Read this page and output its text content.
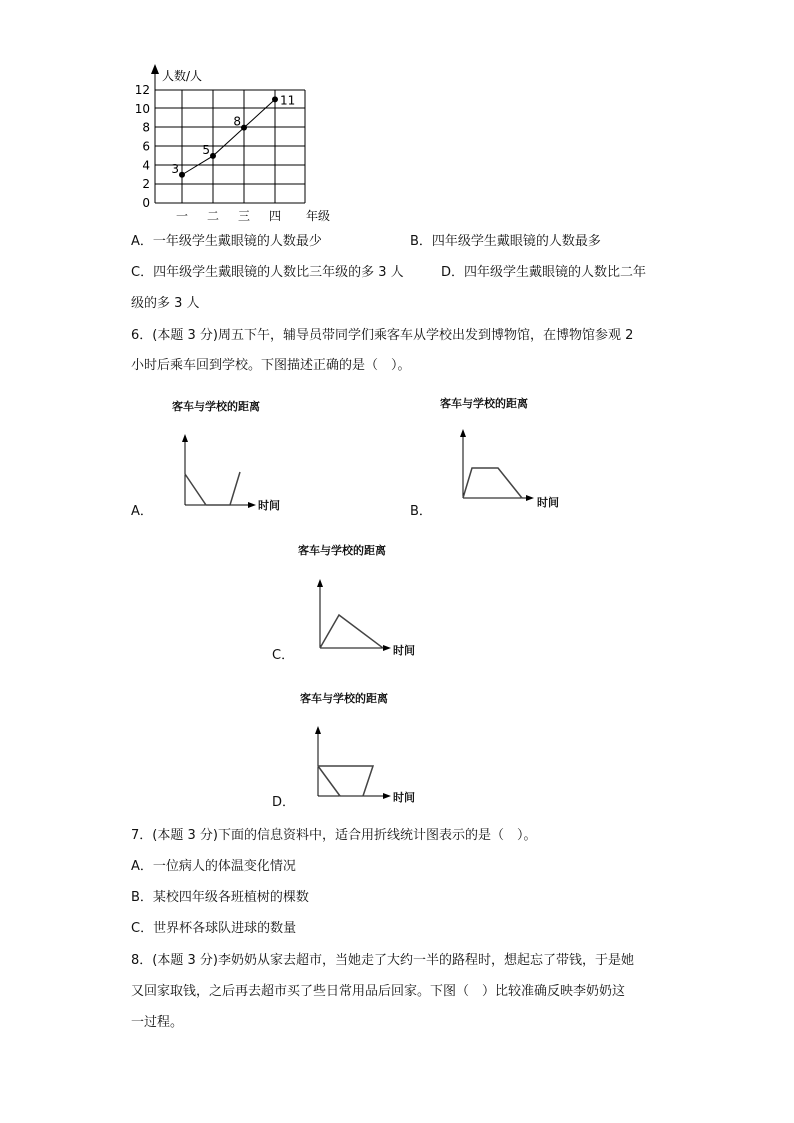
人数/人
年级
0
2
4
6
8
10
12
一 二 三 四
3
5
8
11
A．一年级学生戴眼镜的人数最少	B．四年级学生戴眼镜的人数最多
C．四年级学生戴眼镜的人数比三年级的多 3 人	D．四年级学生戴眼镜的人数比二年
级的多 3 人
6．(本题 3 分)周五下午，辅导员带同学们乘客车从学校出发到博物馆，在博物馆参观 2
小时后乘车回到学校。下图描述正确的是（　）。
客车与学校的距离
时间
A．
客车与学校的距离
时间
B．
客车与学校的距离
时间
C．
客车与学校的距离
时间
D．
7．(本题 3 分)下面的信息资料中，适合用折线统计图表示的是（　）。
A．一位病人的体温变化情况
B．某校四年级各班植树的棵数
C．世界杯各球队进球的数量
8．(本题 3 分)李奶奶从家去超市，当她走了大约一半的路程时，想起忘了带钱，于是她
又回家取钱，之后再去超市买了些日常用品后回家。下图（　）比较准确反映李奶奶这
一过程。
